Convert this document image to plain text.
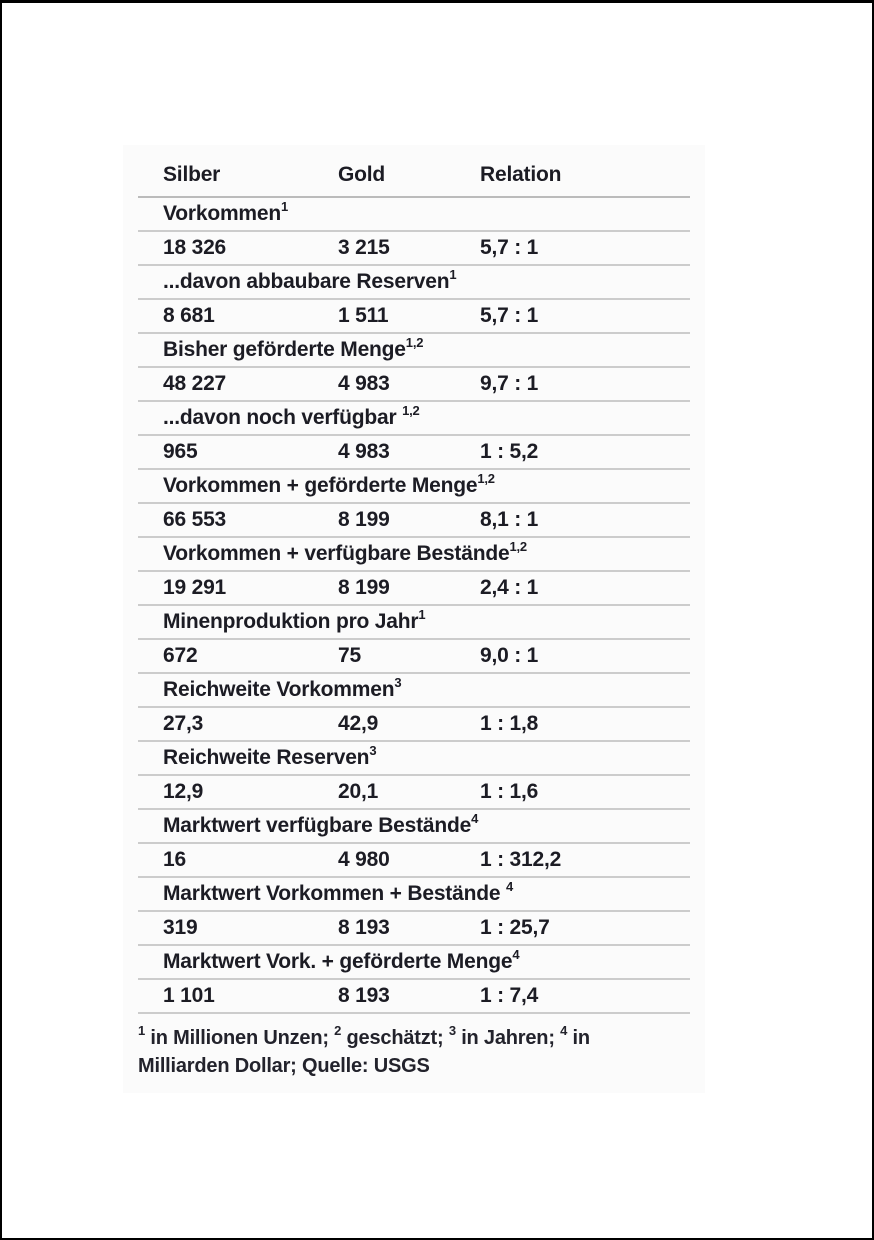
Silber	Gold	Relation
Vorkommen$^1$
18 326	3 215	5,7 : 1
...davon abbaubare Reserven$^1$
8 681	1 511	5,7 : 1
Bisher geförderte Menge$^{1,2}$
48 227	4 983	9,7 : 1
...davon noch verfügbar $^{1,2}$
965	4 983	1 : 5,2
Vorkommen + geförderte Menge$^{1,2}$
66 553	8 199	8,1 : 1
Vorkommen + verfügbare Bestände$^{1,2}$
19 291	8 199	2,4 : 1
Minenproduktion pro Jahr$^1$
672	75	9,0 : 1
Reichweite Vorkommen$^3$
27,3	42,9	1 : 1,8
Reichweite Reserven$^3$
12,9	20,1	1 : 1,6
Marktwert verfügbare Bestände$^4$
16	4 980	1 : 312,2
Marktwert Vorkommen + Bestände $^4$
319	8 193	1 : 25,7
Marktwert Vork. + geförderte Menge$^4$
1 101	8 193	1 : 7,4
$^1$ in Millionen Unzen; $^2$ geschätzt; $^3$ in Jahren; $^4$ in Milliarden Dollar; Quelle: USGS
